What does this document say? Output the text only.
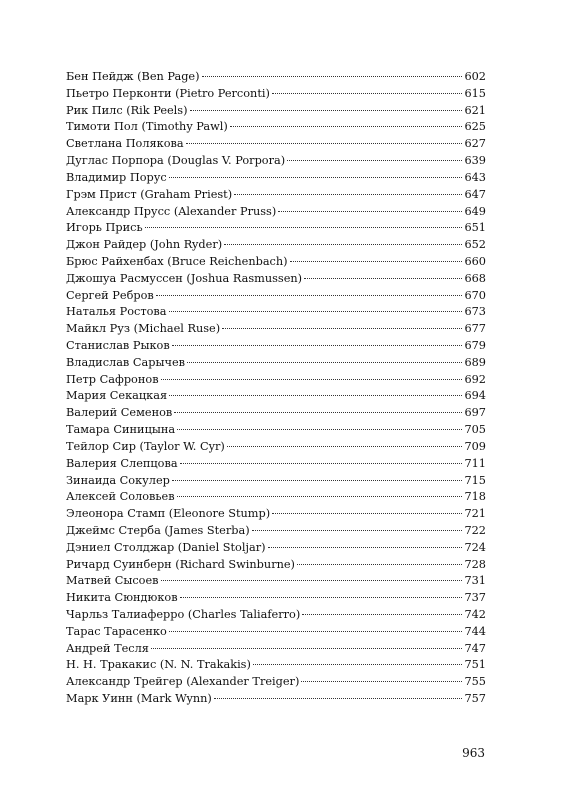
Бен Пейдж (Ben Page)	602
Пьетро Перконти (Pietro Perconti)	615
Рик Пилс (Rik Peels)	621
Тимоти Пол (Timothy Pawl)	625
Светлана Полякова	627
Дуглас Порпора (Douglas V. Porpora)	639
Владимир Порус	643
Грэм Прист (Graham Priest)	647
Александр Прусс (Alexander Pruss)	649
Игорь Прись	651
Джон Райдер (John Ryder)	652
Брюс Райхенбах (Bruce Reichenbach)	660
Джошуа Расмуссен (Joshua Rasmussen)	668
Сергей Ребров	670
Наталья Ростова	673
Майкл Руз (Michael Ruse)	677
Станислав Рыков	679
Владислав Сарычев	689
Петр Сафронов	692
Мария Секацкая	694
Валерий Семенов	697
Тамара Синицына	705
Тейлор Сир (Taylor W. Cyr)	709
Валерия Слепцова	711
Зинаида Сокулер	715
Алексей Соловьев	718
Элеонора Стамп (Eleonore Stump)	721
Джеймс Стерба (James Sterba)	722
Дэниел Столджар (Daniel Stoljar)	724
Ричард Суинберн (Richard Swinburne)	728
Матвей Сысоев	731
Никита Сюндюков	737
Чарльз Талиаферро (Charles Taliaferro)	742
Тарас Тарасенко	744
Андрей Тесля	747
Н. Н. Тракакис (N. N. Trakakis)	751
Александр Трейгер (Alexander Treiger)	755
Марк Уинн (Mark Wynn)	757
963
